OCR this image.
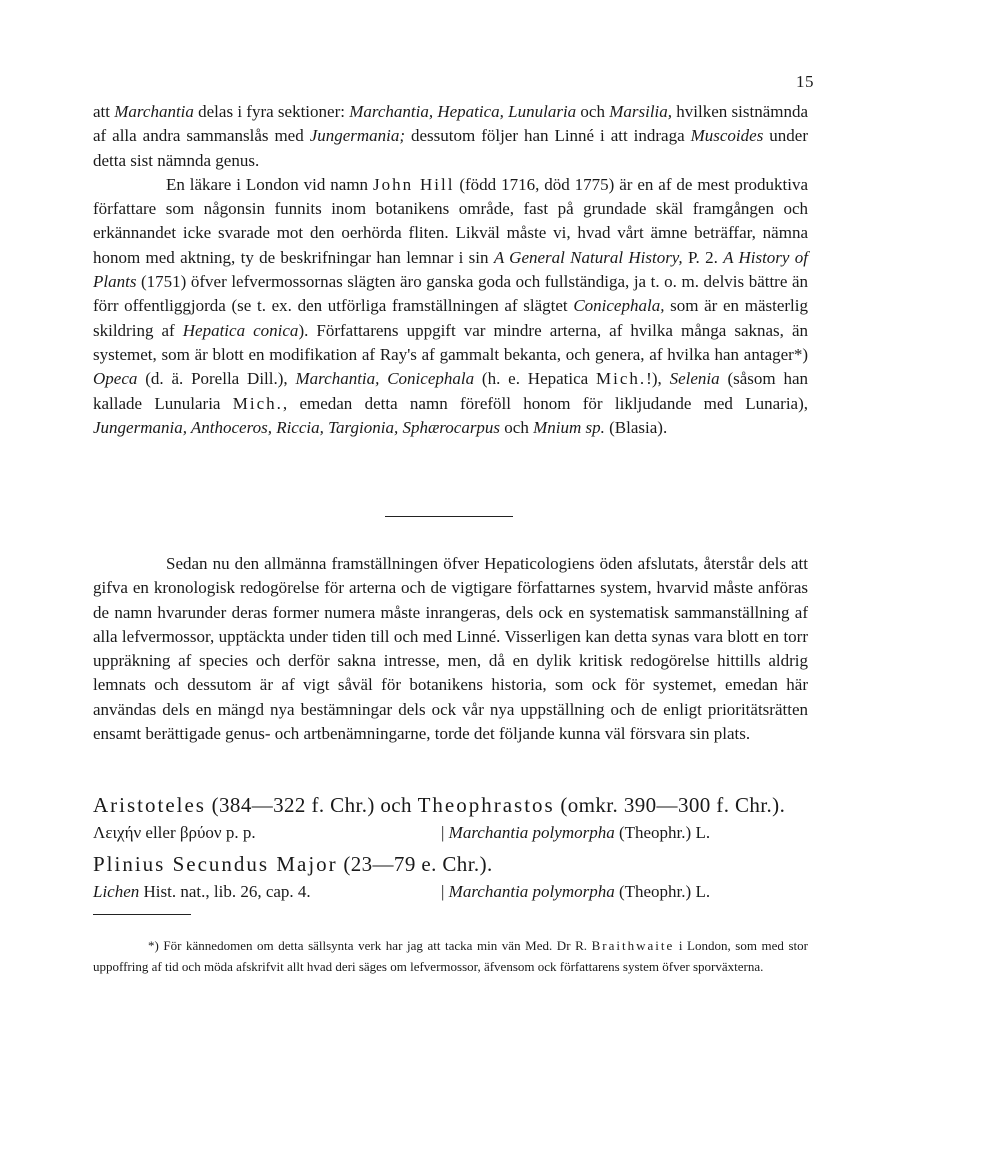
15

att Marchantia delas i fyra sektioner: Marchantia, Hepatica, Lunularia och Marsilia, hvilken sistnämnda af alla andra sammanslås med Jungermania; dessutom följer han Linné i att indraga Muscoides under detta sist nämnda genus.

En läkare i London vid namn John Hill (född 1716, död 1775) är en af de mest produktiva författare som någonsin funnits inom botanikens område, fast på grundade skäl framgången och erkännandet icke svarade mot den oerhörda fliten. Likväl måste vi, hvad vårt ämne beträffar, nämna honom med aktning, ty de beskrifningar han lemnar i sin A General Natural History, P. 2. A History of Plants (1751) öfver lefvermossornas slägten äro ganska goda och fullständiga, ja t. o. m. delvis bättre än förr offentliggjorda (se t. ex. den utförliga framställningen af slägtet Conicephala, som är en mästerlig skildring af Hepatica conica). Författarens uppgift var mindre arterna, af hvilka många saknas, än systemet, som är blott en modifikation af Ray's af gammalt bekanta, och genera, af hvilka han antager*) Opeca (d. ä. Porella Dill.), Marchantia, Conicephala (h. e. Hepatica Mich.!), Selenia (såsom han kallade Lunularia Mich., emedan detta namn föreföll honom för likljudande med Lunaria), Jungermania, Anthoceros, Riccia, Targionia, Sphærocarpus och Mnium sp. (Blasia).

Sedan nu den allmänna framställningen öfver Hepaticologiens öden afslutats, återstår dels att gifva en kronologisk redogörelse för arterna och de vigtigare författarnes system, hvarvid måste anföras de namn hvarunder deras former numera måste inrangeras, dels ock en systematisk sammanställning af alla lefvermossor, upptäckta under tiden till och med Linné. Visserligen kan detta synas vara blott en torr uppräkning af species och derför sakna intresse, men, då en dylik kritisk redogörelse hittills aldrig lemnats och dessutom är af vigt såväl för botanikens historia, som ock för systemet, emedan här användas dels en mängd nya bestämningar dels ock vår nya uppställning och de enligt prioritätsrätten ensamt berättigade genus- och artbenämningarne, torde det följande kunna väl försvara sin plats.

Aristoteles (384—322 f. Chr.) och Theophrastos (omkr. 390—300 f. Chr.).
Λειχήν eller βρύον p. p.	| Marchantia polymorpha (Theophr.) L.
Plinius Secundus Major (23—79 e. Chr.).
Lichen Hist. nat., lib. 26, cap. 4.	| Marchantia polymorpha (Theophr.) L.

*) För kännedomen om detta sällsynta verk har jag att tacka min vän Med. Dr R. Braithwaite i London, som med stor uppoffring af tid och möda afskrifvit allt hvad deri säges om lefvermossor, äfvensom ock författarens system öfver sporväxterna.
